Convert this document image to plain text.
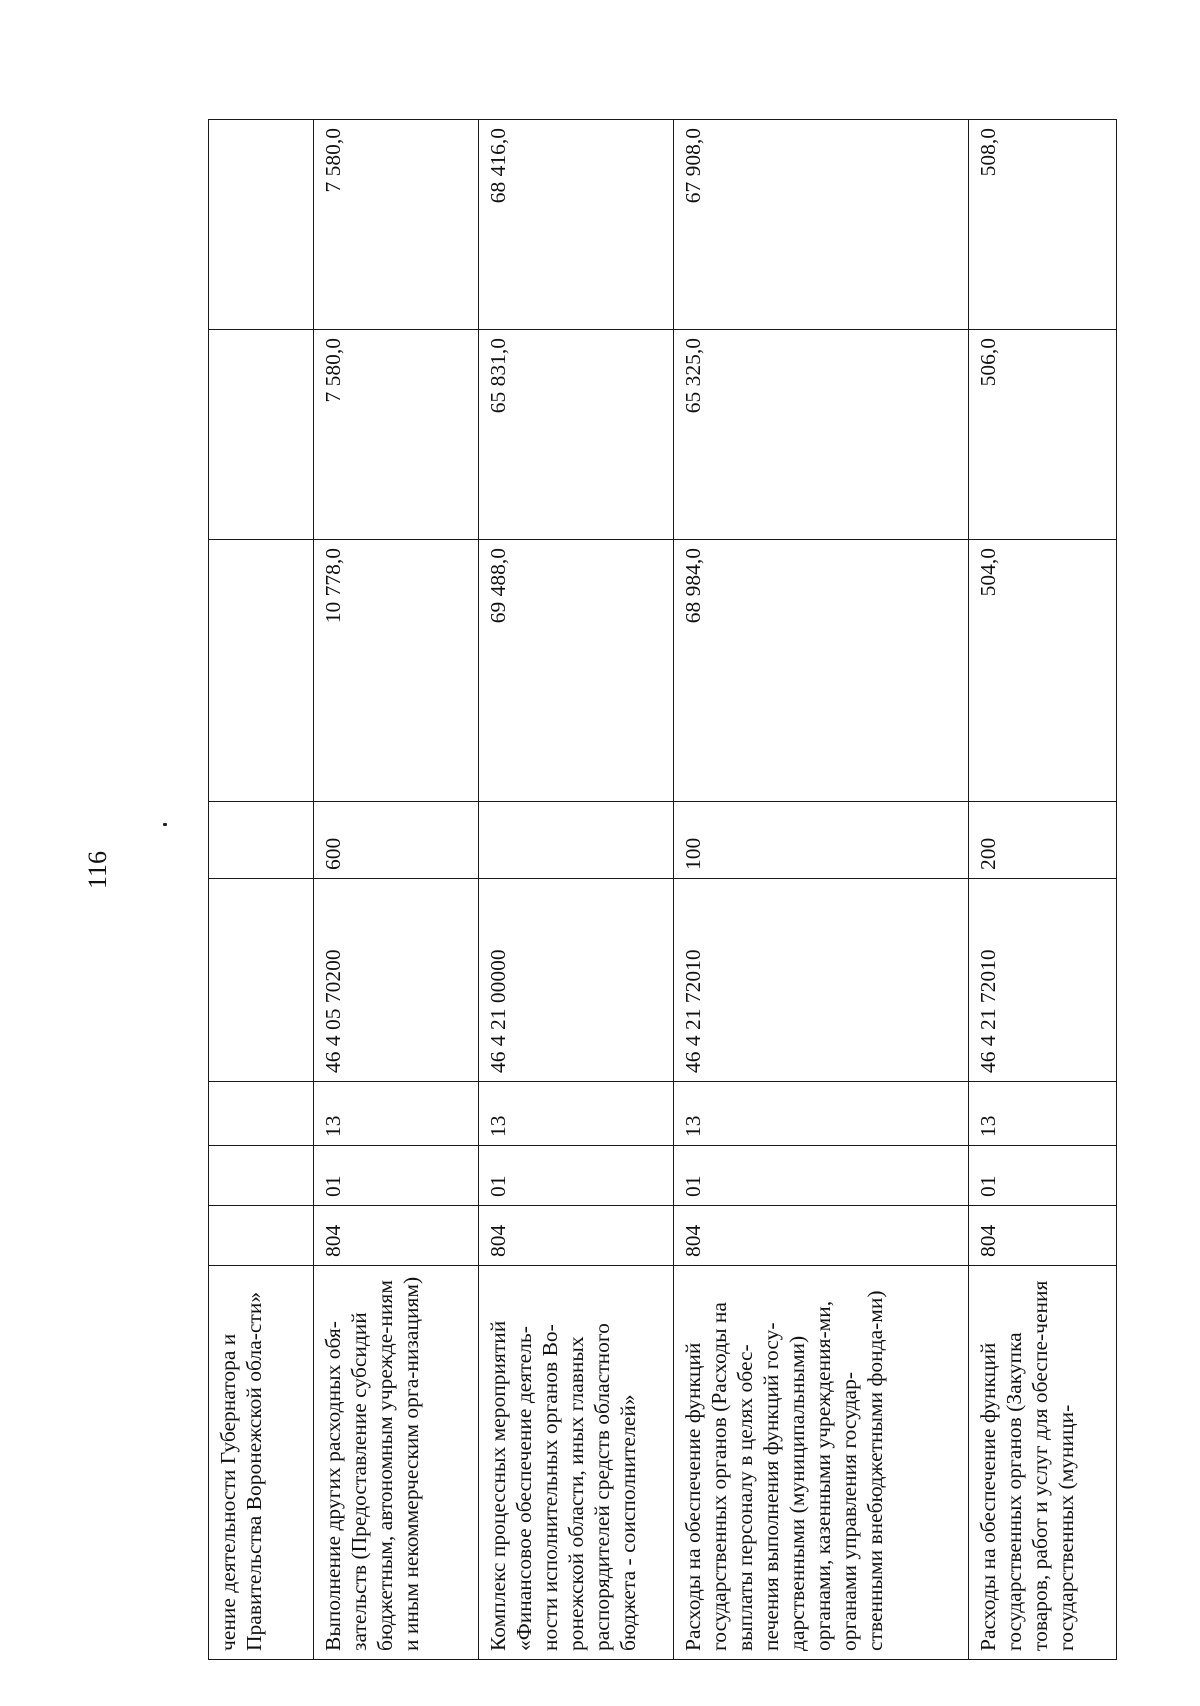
116
чение деятельности Губернатора и Правительства Воронежской облa-сти»								
Выполнение других расходных обя-зательств (Предоставление субсидий бюджетным, автономным учрежде-ниям и иным некоммерческим орга-низациям)	804	01	13	46 4 05 70200	600	10 778,0	7 580,0	7 580,0
Комплекс процессных мероприятий «Финансовое обеспечение деятель-ности исполнительных органов Во-ронежской области, иных главных распорядителей средств областного бюджета - соисполнителей»	804	01	13	46 4 21 00000		69 488,0	65 831,0	68 416,0
Расходы на обеспечение функций государственных органов (Расходы на выплаты персоналу в целях обес-печения выполнения функций госу-дарственными (муниципальными) органами, казенными учреждения-ми, органами управления государ-ственными внебюджетными фонда-ми)	804	01	13	46 4 21 72010	100	68 984,0	65 325,0	67 908,0
Расходы на обеспечение функций государственных органов (Закупка товаров, работ и услуг для обеспе-чения государственных (муници-	804	01	13	46 4 21 72010	200	504,0	506,0	508,0
